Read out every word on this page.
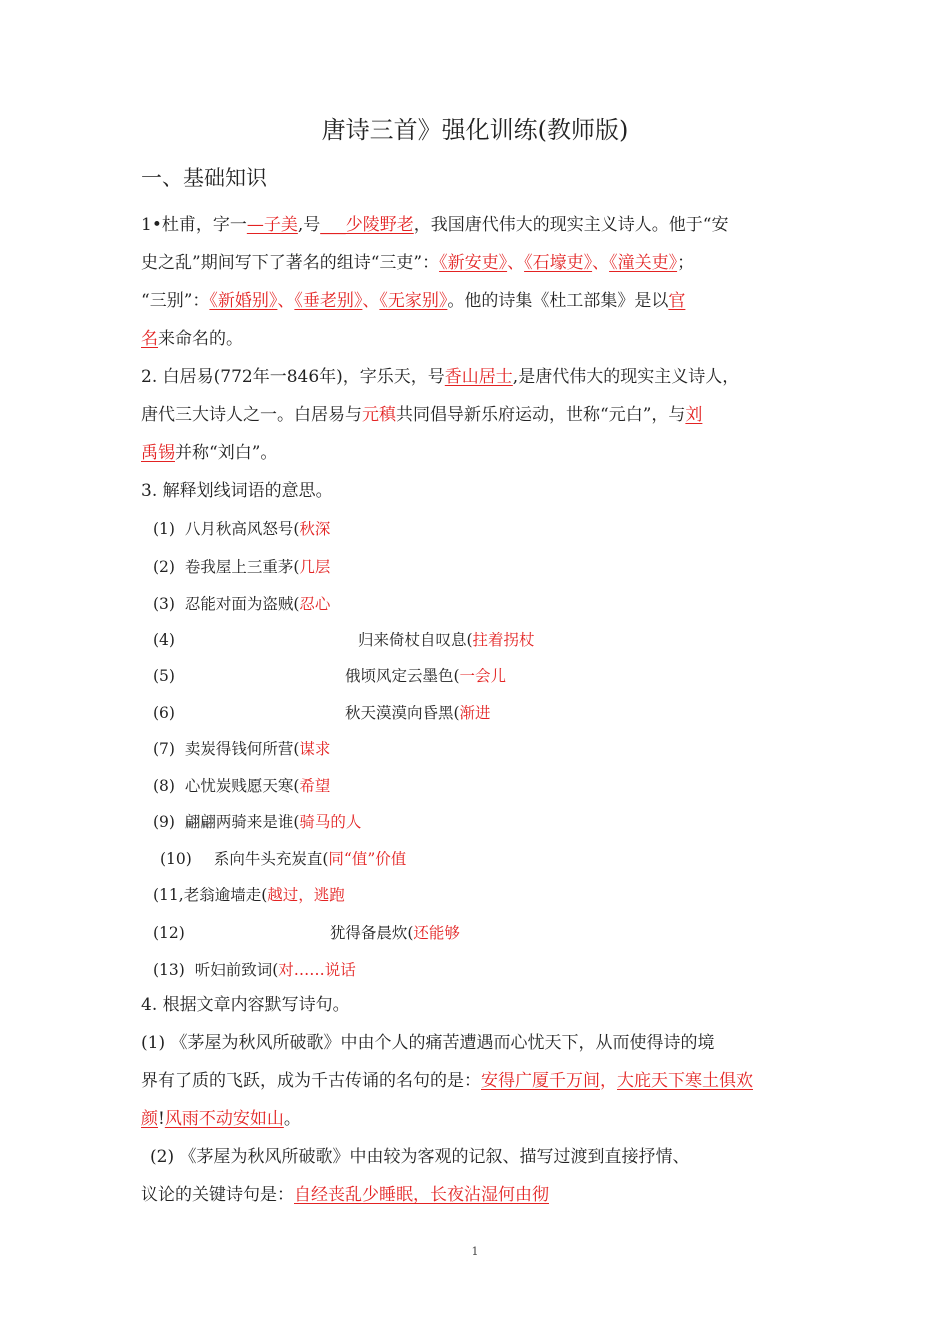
唐诗三首》强化训练(教师版)
一、基础知识
1•杜甫，字一—子美,号___少陵野老，我国唐代伟大的现实主义诗人。他于“安
史之乱”期间写下了著名的组诗“三吏”：《新安吏》、《石壕吏》、《潼关吏》；
“三别”：《新婚别》、《垂老别》、《无家别》。他的诗集《杜工部集》是以官
名来命名的。
2. 白居易(772年一846年)，字乐天，号香山居士,是唐代伟大的现实主义诗人，
唐代三大诗人之一。白居易与元稹共同倡导新乐府运动，世称“元白”，与刘
禹锡并称“刘白”。
3. 解释划线词语的意思。
(1) 八月秋高风怒号(秋深
(2) 卷我屋上三重茅(几层
(3) 忍能对面为盗贼(忍心
(4)	归来倚杖自叹息(拄着拐杖
(5)	俄顷风定云墨色(一会儿
(6)	秋天漠漠向昏黑(渐进
(7) 卖炭得钱何所营(谋求
(8) 心忧炭贱愿天寒(希望
(9) 翩翩两骑来是谁(骑马的人
(10) 系向牛头充炭直(同“值”价值
(11,老翁逾墙走(越过，逃跑
(12)	犹得备晨炊(还能够
(13) 听妇前致词(对……说话
4. 根据文章内容默写诗句。
(1) 《茅屋为秋风所破歌》中由个人的痛苦遭遇而心忧天下，从而使得诗的境
界有了质的飞跃，成为千古传诵的名句的是：安得广厦千万间，大庇天下寒土俱欢
颜!风雨不动安如山。
(2) 《茅屋为秋风所破歌》中由较为客观的记叙、描写过渡到直接抒情、
议论的关键诗句是：自经丧乱少睡眠，长夜沾湿何由彻
1
